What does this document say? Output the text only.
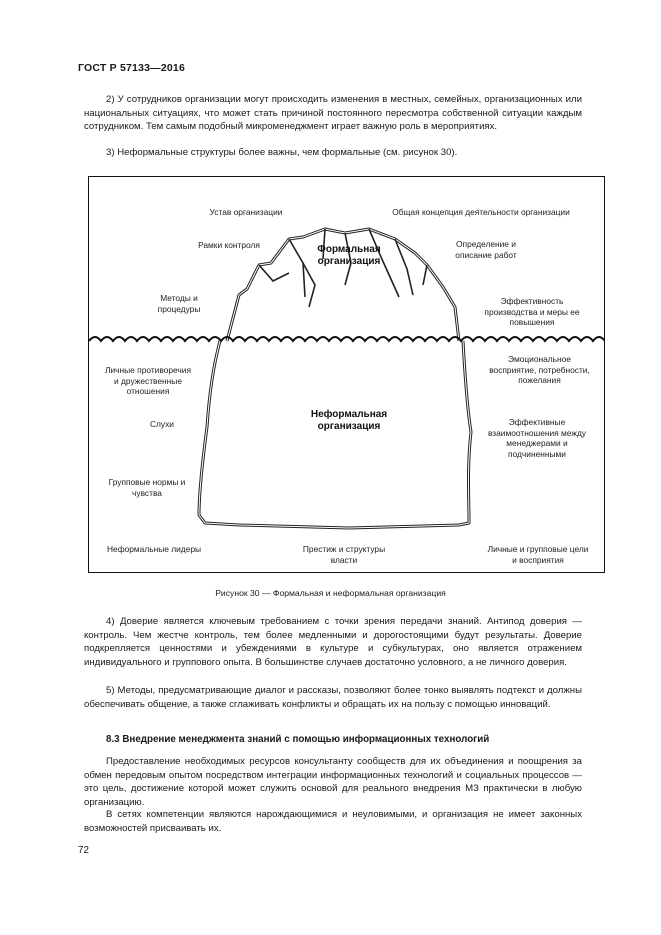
ГОСТ Р 57133—2016

2) У сотрудников организации могут происходить изменения в местных, семейных, организационных или национальных ситуациях, что может стать причиной постоянного пересмотра собственной ситуации каждым сотрудником. Тем самым подобный микроменеджмент играет важную роль в мероприятиях.

3) Неформальные структуры более важны, чем формальные (см. рисунок 30).

Устав организации
Рамки контроля
Методы и процедуры
Общая концепция деятельности организации
Определение и описание работ
Эффективность производства и меры ее повышения
Формальная организация
Личные противоречия и дружественные отношения
Слухи
Групповые нормы и чувства
Неформальные лидеры
Эмоциональное восприятие, потребности, пожелания
Эффективные взаимоотношения между менеджерами и подчиненными
Престиж и структуры власти
Личные и групповые цели и восприятия
Неформальная организация
Рисунок 30 — Формальная и неформальная организация

4) Доверие является ключевым требованием с точки зрения передачи знаний. Антипод доверия — контроль. Чем жестче контроль, тем более медленными и дорогостоящими будут результаты. Доверие подкрепляется ценностями и убеждениями в культуре и субкультурах, оно является отражением индивидуального и группового опыта. В большинстве случаев достаточно условного, а не личного доверия.

5) Методы, предусматривающие диалог и рассказы, позволяют более тонко выявлять подтекст и должны обеспечивать общение, а также сглаживать конфликты и обращать их на пользу с помощью инноваций.

8.3 Внедрение менеджмента знаний с помощью информационных технологий

Предоставление необходимых ресурсов консультанту сообществ для их объединения и поощрения за обмен передовым опытом посредством интеграции информационных технологий и социальных процессов — это цель, достижение которой может служить основой для реального внедрения МЗ практически в любую организацию.

В сетях компетенции являются нарождающимися и неуловимыми, и организация не имеет законных возможностей присваивать их.

72
